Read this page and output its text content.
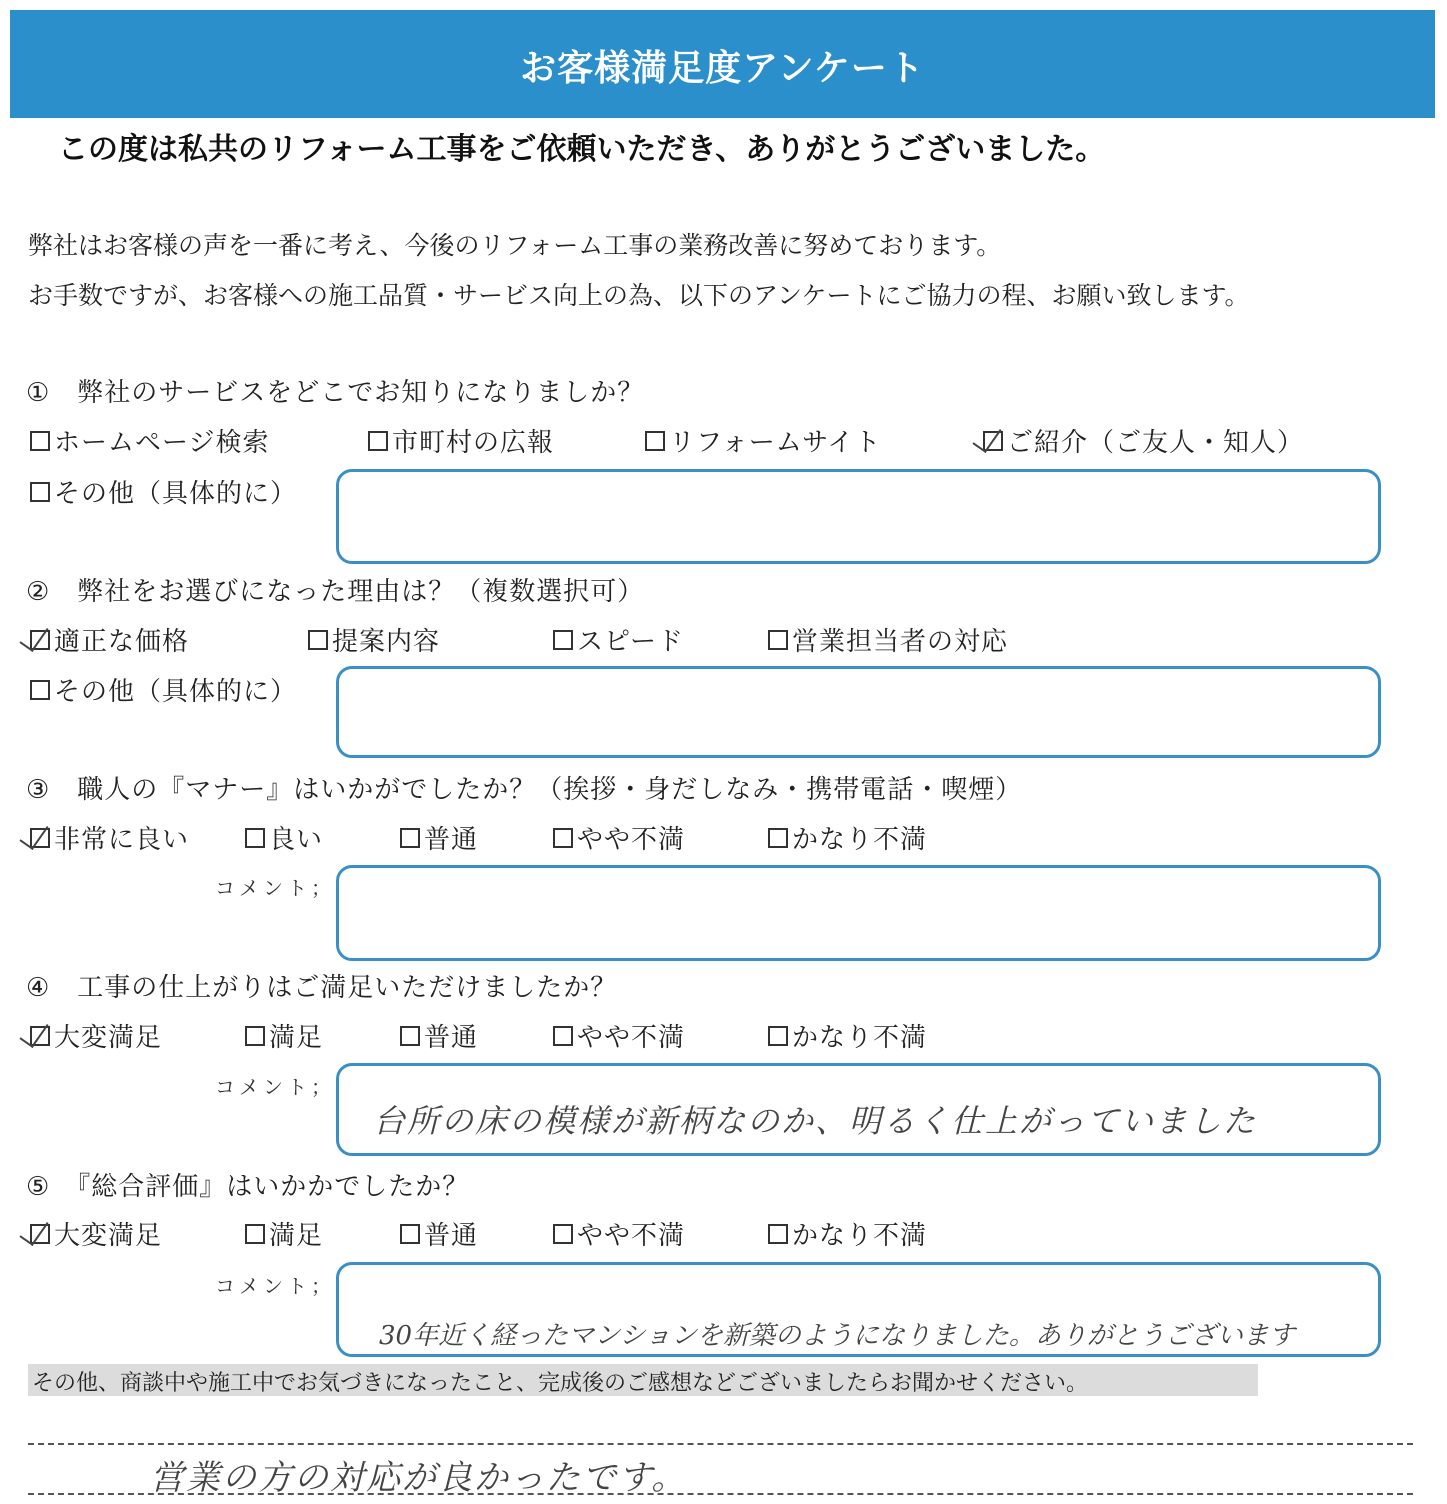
お客様満足度アンケート
この度は私共のリフォーム工事をご依頼いただき、ありがとうございました。
弊社はお客様の声を一番に考え、今後のリフォーム工事の業務改善に努めております。
お手数ですが、お客様への施工品質・サービス向上の為、以下のアンケートにご協力の程、お願い致します。
①　弊社のサービスをどこでお知りになりましか？
ホームページ検索	市町村の広報	リフォームサイト	ご紹介（ご友人・知人）
その他（具体的に）
②　弊社をお選びになった理由は？（複数選択可）
適正な価格	提案内容	スピード	営業担当者の対応
その他（具体的に）
③　職人の『マナー』はいかがでしたか？（挨拶・身だしなみ・携帯電話・喫煙）
非常に良い	良い	普通	やや不満	かなり不満
コメント；
④　工事の仕上がりはご満足いただけましたか？
大変満足	満足	普通	やや不満	かなり不満
コメント；
台所の床の模様が新柄なのか、明るく仕上がっていました
⑤　『総合評価』はいかかでしたか？
大変満足	満足	普通	やや不満	かなり不満
コメント；
30年近く経ったマンションを新築のようになりました。ありがとうございます
その他、商談中や施工中でお気づきになったこと、完成後のご感想などございましたらお聞かせください。
営業の方の対応が良かったです。
